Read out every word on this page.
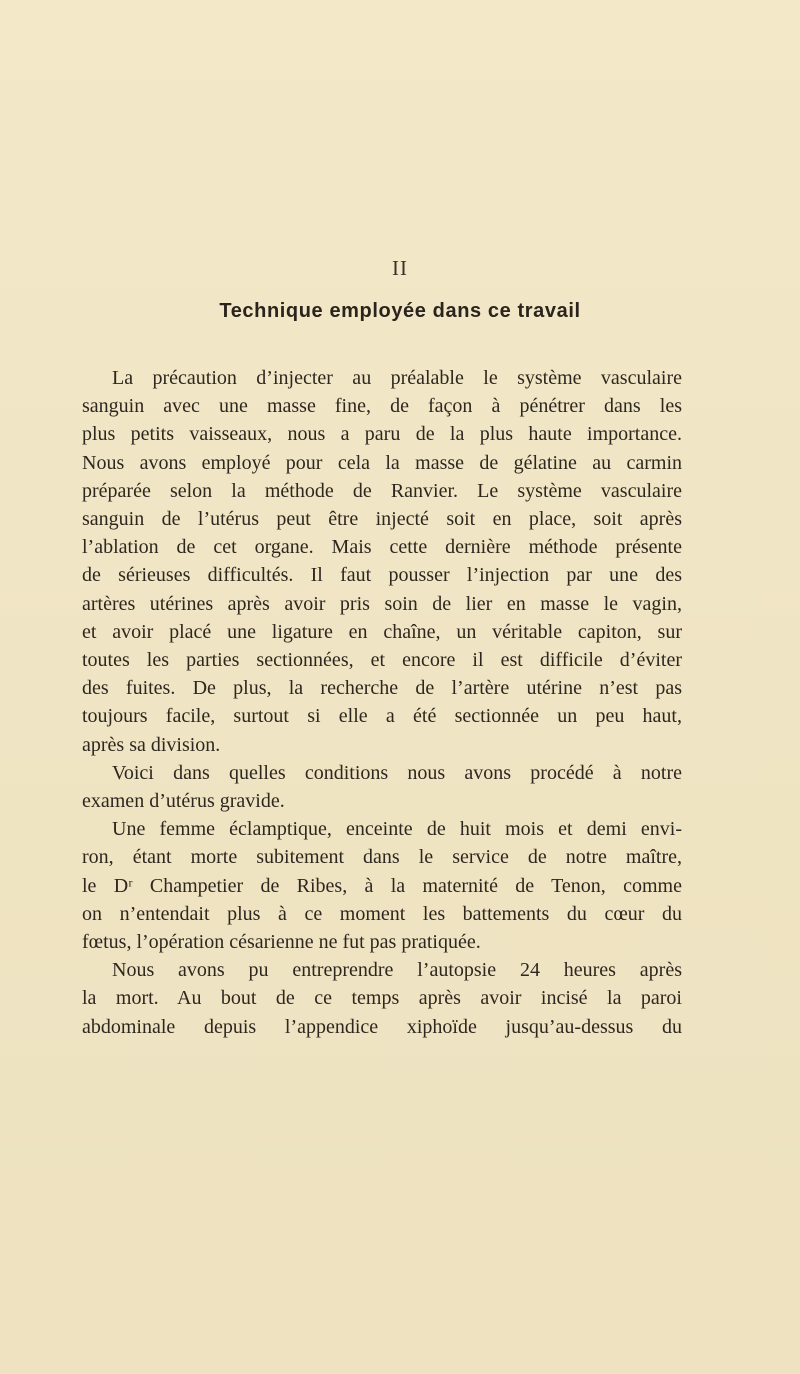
II
Technique employée dans ce travail

La précaution d’injecter au préalable le système vasculaire
sanguin avec une masse fine, de façon à pénétrer dans les
plus petits vaisseaux, nous a paru de la plus haute importance.
Nous avons employé pour cela la masse de gélatine au carmin
préparée selon la méthode de Ranvier. Le système vasculaire
sanguin de l’utérus peut être injecté soit en place, soit après
l’ablation de cet organe. Mais cette dernière méthode présente
de sérieuses difficultés. Il faut pousser l’injection par une des
artères utérines après avoir pris soin de lier en masse le vagin,
et avoir placé une ligature en chaîne, un véritable capiton, sur
toutes les parties sectionnées, et encore il est difficile d’éviter
des fuites. De plus, la recherche de l’artère utérine n’est pas
toujours facile, surtout si elle a été sectionnée un peu haut,
après sa division.

Voici dans quelles conditions nous avons procédé à notre
examen d’utérus gravide.

Une femme éclamptique, enceinte de huit mois et demi envi-
ron, étant morte subitement dans le service de notre maître,
le Dʳ Champetier de Ribes, à la maternité de Tenon, comme
on n’entendait plus à ce moment les battements du cœur du
fœtus, l’opération césarienne ne fut pas pratiquée.

Nous avons pu entreprendre l’autopsie 24 heures après
la mort. Au bout de ce temps après avoir incisé la paroi
abdominale depuis l’appendice xiphoïde jusqu’au-dessus du
